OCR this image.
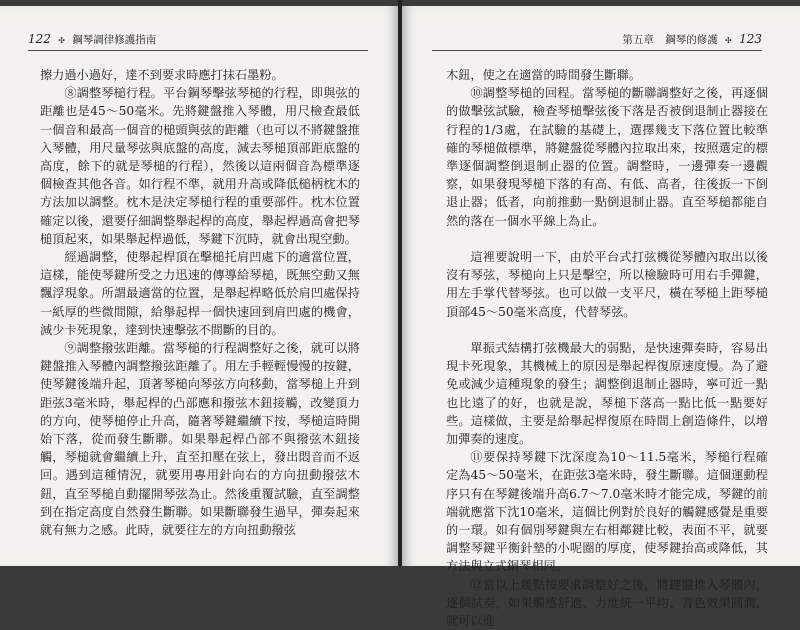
122 ✣ 鋼琴調律修護指南

擦力過小過好，達不到要求時應打抹石墨粉。

⑧調整琴槌行程。平台鋼琴擊弦琴槌的行程，即與弦的距離也是45～50毫米。先將鍵盤推入琴體，用尺檢查最低一個音和最高一個音的槌頭與弦的距離（也可以不將鍵盤推入琴體，用尺量琴弦與底盤的高度，減去琴槌頂部距底盤的高度，餘下的就是琴槌的行程），然後以這兩個音為標準逐個檢查其他各音。如行程不準，就用升高或降低槌柄枕木的方法加以調整。枕木是決定琴槌行程的重要部件。枕木位置確定以後，還要仔細調整舉起桿的高度，舉起桿過高會把琴槌頂起來，如果舉起桿過低，琴鍵下沉時，就會出現空動。

經過調整，使舉起桿頂在擊槌托肩凹處下的適當位置，這樣，能使琴鍵所受之力迅速的傳導給琴槌，既無空動又無飄浮現象。所謂最適當的位置，是舉起桿略低於肩凹處保持一紙厚的些微間隙，給舉起桿一個快速回到肩凹處的機會，減少卡死現象，達到快速擊弦不間斷的目的。

⑨調整撥弦距離。當琴槌的行程調整好之後，就可以將鍵盤推入琴體內調整撥弦距離了。用左手輕輕慢慢的按鍵，使琴鍵後端升起，頂著琴槌向琴弦方向移動，當琴槌上升到距弦3毫米時，舉起桿的凸部應和撥弦木鈕接觸，改變頂力的方向，使琴槌停止升高，隨著琴鍵繼續下按，琴槌這時開始下落，從而發生斷聯。如果舉起桿凸部不與撥弦木鈕接觸，琴槌就會繼續上升，直至扣壓在弦上，發出悶音而不返回。遇到這種情況，就要用專用針向右的方向扭動撥弦木鈕，直至琴槌自動擺開琴弦為止。然後重覆試驗，直至調整到在指定高度自然發生斷聯。如果斷聯發生過早，彈奏起來就有無力之感。此時，就要往左的方向扭動撥弦

第五章 鋼琴的修護 ✣ 123

木鈕，使之在適當的時間發生斷聯。

⑩調整琴槌的回程。當琴槌的斷聯調整好之後，再逐個的做擊弦試驗，檢查琴槌擊弦後下落是否被倒退制止器接在行程的1/3處，在試驗的基礎上，選擇幾支下落位置比較準確的琴槌做標準，將鍵盤從琴體內拉取出來，按照選定的標準逐個調整倒退制止器的位置。調整時，一邊彈奏一邊觀察，如果發現琴槌下落的有高、有低、高者，往後扳一下倒退止器；低者，向前推動一點倒退制止器。直至琴槌都能自然的落在一個水平線上為止。

這裡要說明一下，由於平台式打弦機從琴體內取出以後沒有琴弦，琴槌向上只是擊空，所以檢驗時可用右手彈鍵，用左手掌代替琴弦。也可以做一支平尺，橫在琴槌上距琴槌頂部45～50毫米高度，代替琴弦。

單振式結構打弦機最大的弱點，是快速彈奏時，容易出現卡死現象，其機械上的原因是舉起桿復原速度慢。為了避免或減少這種現象的發生；調整倒退制止器時，寧可近一點也比遠了的好，也就是說，琴槌下落高一點比低一點要好些。這樣做，主要是給舉起桿復原在時間上創造條件，以增加彈奏的速度。

⑪要保持琴鍵下沈深度為10～11.5毫米，琴槌行程確定為45～50毫米，在距弦3毫米時，發生斷聯。這個運動程序只有在琴鍵後端升高6.7～7.0毫米時才能完成，琴鍵的前端就應當下沈10毫米，這個比例對於良好的觸鍵感覺是重要的一環。如有個別琴鍵與左右相鄰鍵比較，表面不平，就要調整琴鍵平衡針墊的小呢圈的厚度，使琴鍵抬高或降低，其方法與立式鋼琴相同。

⑫當以上幾點按要求調整好之後，將鍵盤推入琴體內，逐個試奏，如果觸感舒適、力度統一平均、音色效果圓潤，就可以進
